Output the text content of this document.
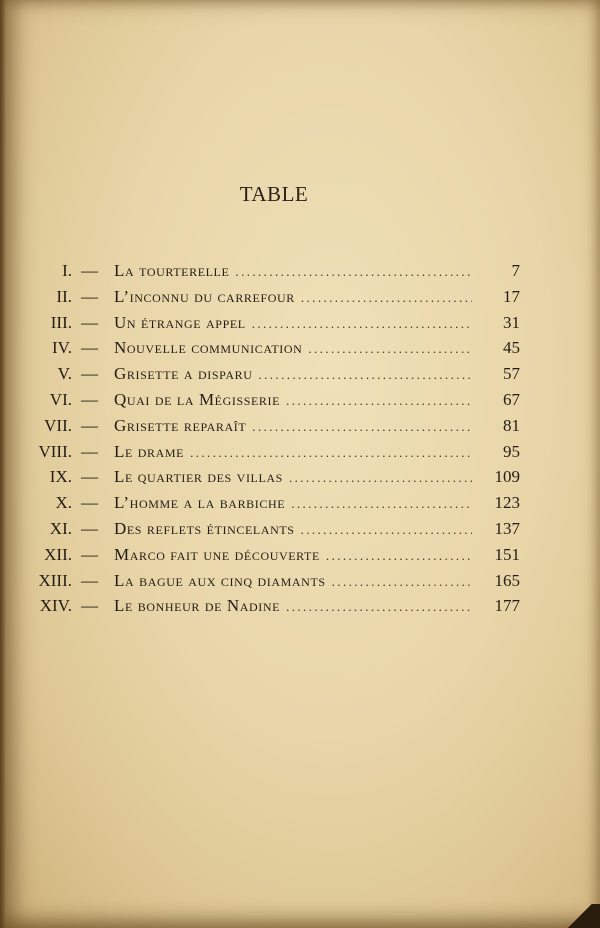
TABLE
I. — La tourterelle .....	7
II. — L’inconnu du carrefour .....	17
III. — Un étrange appel .....	31
IV. — Nouvelle communication .....	45
V. — Grisette a disparu .....	57
VI. — Quai de la Mégisserie .....	67
VII. — Grisette reparaît .....	81
VIII. — Le drame .....	95
IX. — Le quartier des villas .....	109
X. — L’homme a la barbiche .....	123
XI. — Des reflets étincelants .....	137
XII. — Marco fait une découverte .....	151
XIII. — La bague aux cinq diamants .....	165
XIV. — Le bonheur de Nadine .....	177
